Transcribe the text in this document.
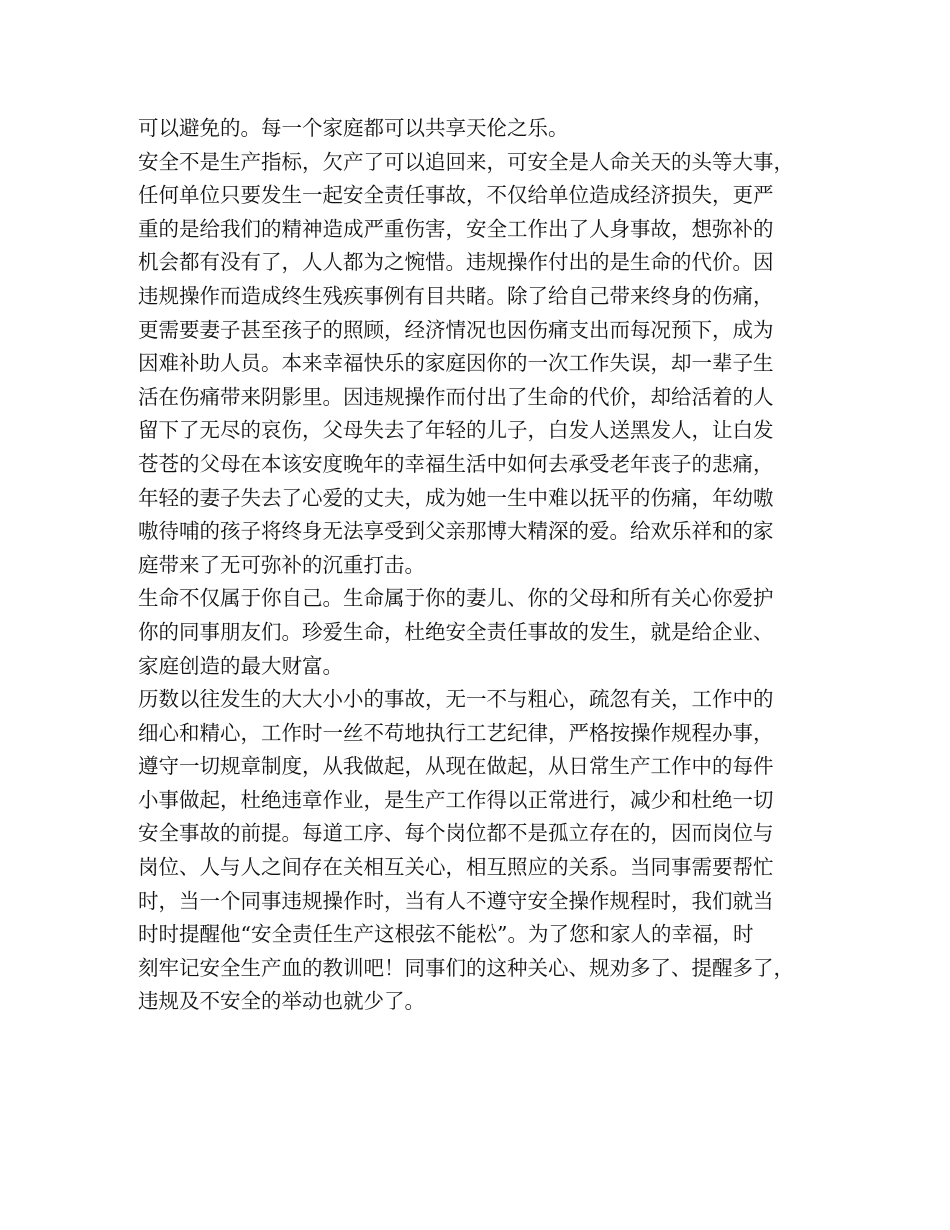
可以避免的。每一个家庭都可以共享天伦之乐。
安全不是生产指标，欠产了可以追回来，可安全是人命关天的头等大事，
任何单位只要发生一起安全责任事故，不仅给单位造成经济损失，更严
重的是给我们的精神造成严重伤害，安全工作出了人身事故，想弥补的
机会都有没有了，人人都为之惋惜。违规操作付出的是生命的代价。因
违规操作而造成终生残疾事例有目共睹。除了给自己带来终身的伤痛，
更需要妻子甚至孩子的照顾，经济情况也因伤痛支出而每况预下，成为
因难补助人员。本来幸福快乐的家庭因你的一次工作失误，却一辈子生
活在伤痛带来阴影里。因违规操作而付出了生命的代价，却给活着的人
留下了无尽的哀伤，父母失去了年轻的儿子，白发人送黑发人，让白发
苍苍的父母在本该安度晚年的幸福生活中如何去承受老年丧子的悲痛，
年轻的妻子失去了心爱的丈夫，成为她一生中难以抚平的伤痛，年幼嗷
嗷待哺的孩子将终身无法享受到父亲那博大精深的爱。给欢乐祥和的家
庭带来了无可弥补的沉重打击。
生命不仅属于你自己。生命属于你的妻儿、你的父母和所有关心你爱护
你的同事朋友们。珍爱生命，杜绝安全责任事故的发生，就是给企业、
家庭创造的最大财富。
历数以往发生的大大小小的事故，无一不与粗心，疏忽有关，工作中的
细心和精心，工作时一丝不苟地执行工艺纪律，严格按操作规程办事，
遵守一切规章制度，从我做起，从现在做起，从日常生产工作中的每件
小事做起，杜绝违章作业，是生产工作得以正常进行，减少和杜绝一切
安全事故的前提。每道工序、每个岗位都不是孤立存在的，因而岗位与
岗位、人与人之间存在关相互关心，相互照应的关系。当同事需要帮忙
时，当一个同事违规操作时，当有人不遵守安全操作规程时，我们就当
时时提醒他“安全责任生产这根弦不能松”。为了您和家人的幸福，时
刻牢记安全生产血的教训吧！同事们的这种关心、规劝多了、提醒多了，
违规及不安全的举动也就少了。
